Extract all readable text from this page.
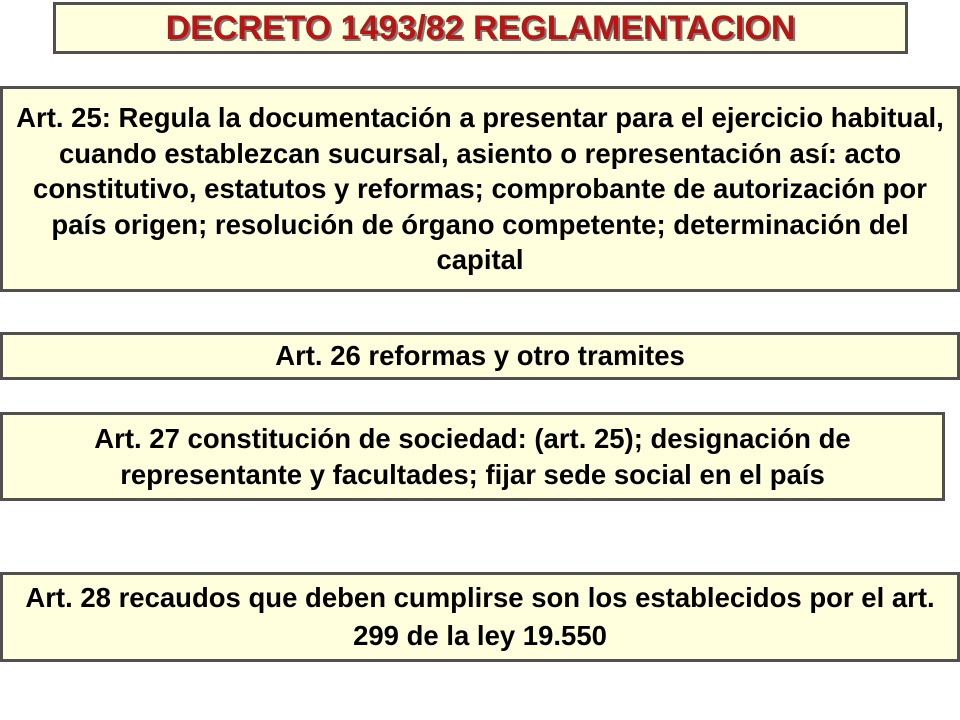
DECRETO 1493/82 REGLAMENTACION
Art. 25: Regula la documentación a presentar para el ejercicio habitual, cuando establezcan sucursal, asiento o representación así: acto constitutivo, estatutos y reformas; comprobante de autorización por país origen; resolución de órgano competente; determinación del capital
Art. 26 reformas y otro tramites
Art. 27 constitución de sociedad: (art. 25); designación de representante y facultades; fijar sede social en el país
Art. 28 recaudos que deben cumplirse son los establecidos por el art. 299 de la ley 19.550
